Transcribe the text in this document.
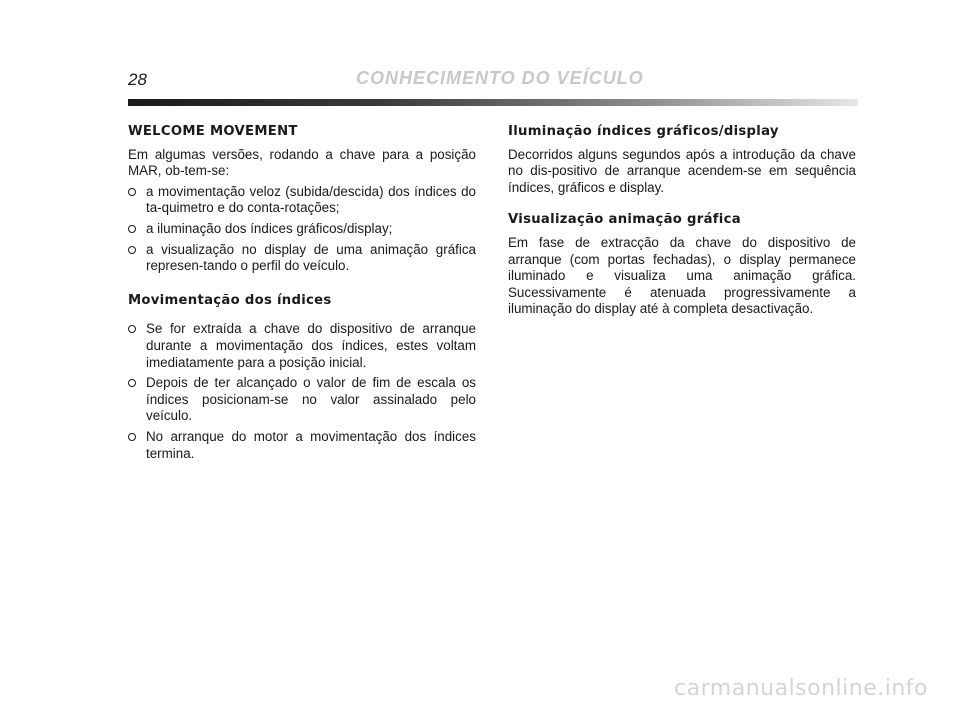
28	CONHECIMENTO DO VEÍCULO
WELCOME MOVEMENT

Em algumas versões, rodando a chave para a posição MAR, ob-tem-se:

a movimentação veloz (subida/descida) dos índices do ta-quimetro e do conta-rotações;
a iluminação dos índices gráficos/display;
a visualização no display de uma animação gráfica represen-tando o perfil do veículo.
Movimentação dos índices
Se for extraída a chave do dispositivo de arranque durante a movimentação dos índices, estes voltam imediatamente para a posição inicial.
Depois de ter alcançado o valor de fim de escala os índices posicionam-se no valor assinalado pelo veículo.
No arranque do motor a movimentação dos índices termina.
Iluminação índices gráficos/display

Decorridos alguns segundos após a introdução da chave no dis-positivo de arranque acendem-se em sequência índices, gráficos e display.

Visualização animação gráfica

Em fase de extracção da chave do dispositivo de arranque (com portas fechadas), o display permanece iluminado e visualiza uma animação gráfica. Sucessivamente é atenuada progressivamente a iluminação do display até à completa desactivação.

carmanualsonline.info
